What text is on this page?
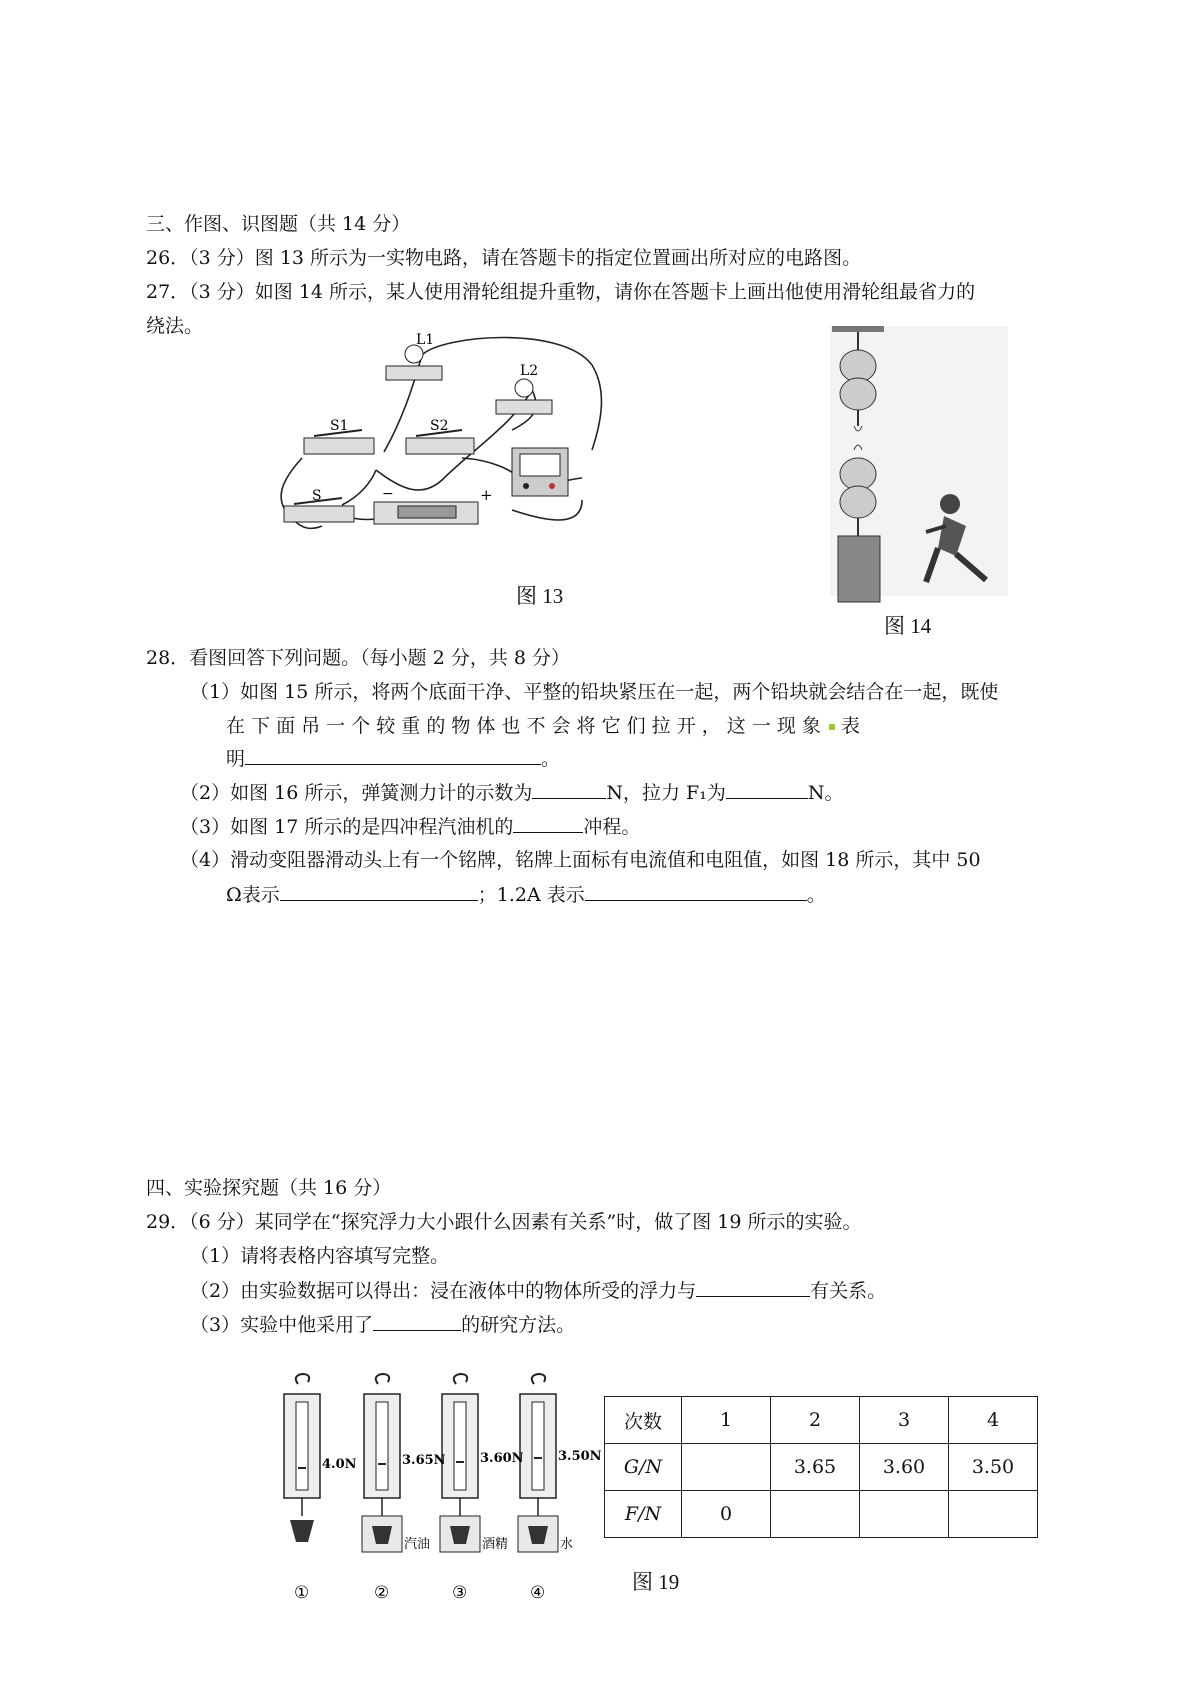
三、作图、识图题（共 14 分）
26．（3 分）图 13 所示为一实物电路，请在答题卡的指定位置画出所对应的电路图。
27．（3 分）如图 14 所示，某人使用滑轮组提升重物，请你在答题卡上画出他使用滑轮组最省力的
绕法。
L1
L2
S1	S2
S	−	+
图 13
图 14
28．看图回答下列问题。（每小题 2 分，共 8 分）
（1）如图 15 所示，将两个底面干净、平整的铅块紧压在一起，两个铅块就会结合在一起，既使
在 下 面 吊 一 个 较 重 的 物 体 也 不 会 将 它 们 拉 开 ， 这 一 现 象 表
明	。
（2）如图 16 所示，弹簧测力计的示数为	N，拉力 F₁为	N。
（3）如图 17 所示的是四冲程汽油机的	冲程。
（4）滑动变阻器滑动头上有一个铭牌，铭牌上面标有电流值和电阻值，如图 18 所示，其中 50
Ω表示	；1.2A 表示	。
四、实验探究题（共 16 分）
29．（6 分）某同学在“探究浮力大小跟什么因素有关系”时，做了图 19 所示的实验。
（1）请将表格内容填写完整。
（2）由实验数据可以得出：浸在液体中的物体所受的浮力与	有关系。
（3）实验中他采用了	的研究方法。
4.0N	3.65N	3.60N	3.50N
汽油	酒精	水
①	②	③	④
次数	1	2	3	4
G/N		3.65	3.60	3.50
F/N	0			
图 19
